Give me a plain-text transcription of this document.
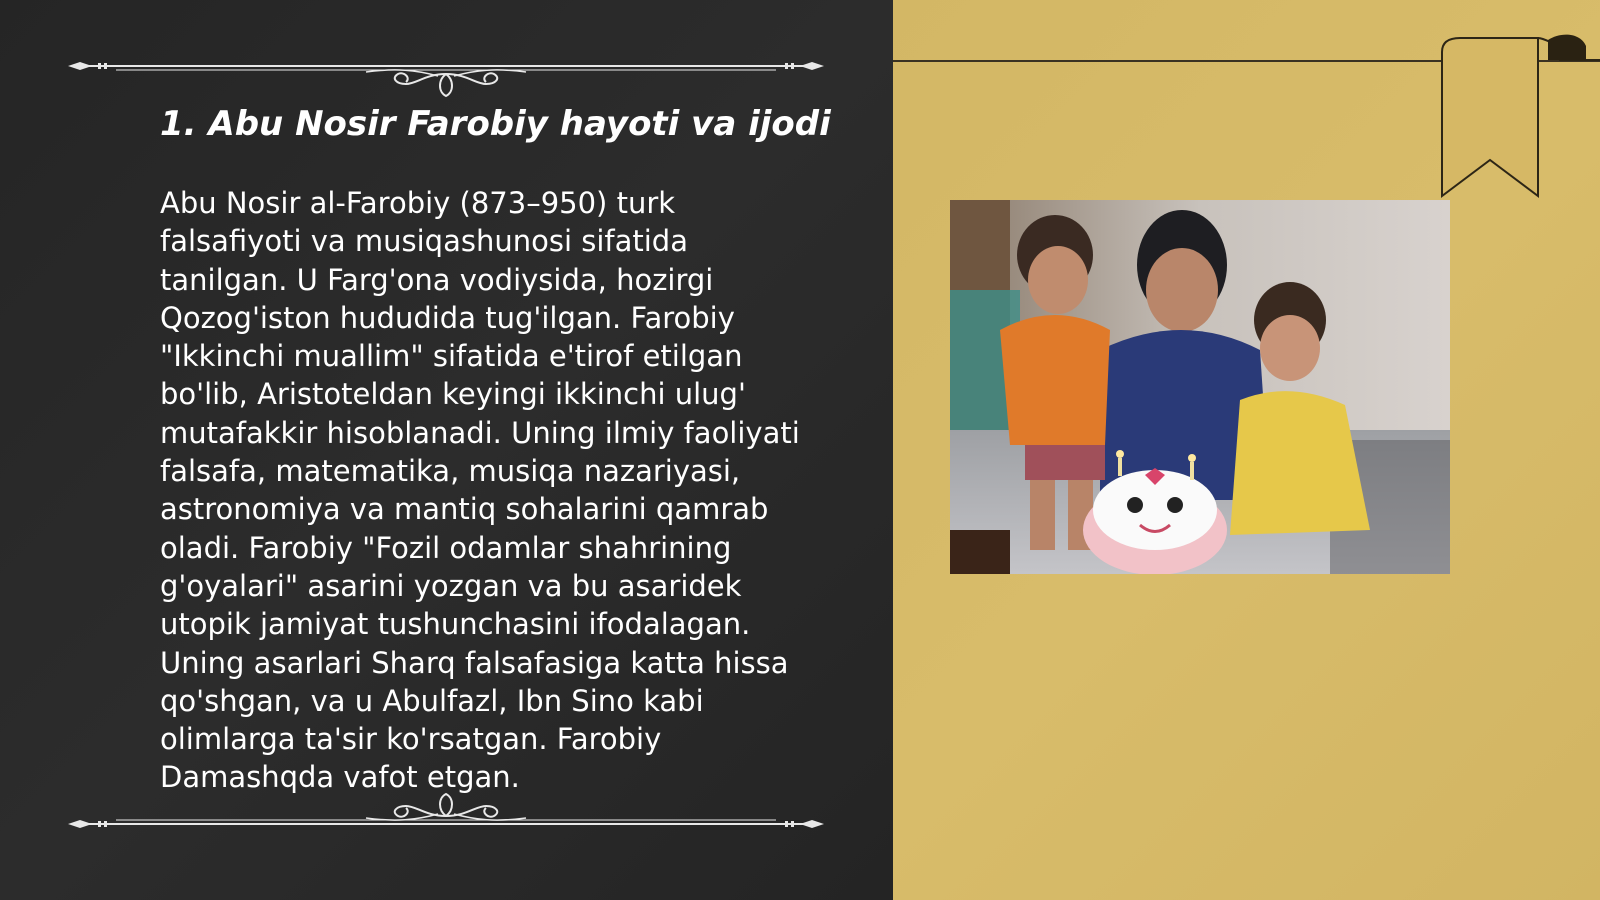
1. Abu Nosir Farobiy hayoti va ijodi
Abu Nosir al-Farobiy (873–950) turk
falsafiyoti va musiqashunosi sifatida
tanilgan. U Farg'ona vodiysida, hozirgi
Qozog'iston hududida tug'ilgan. Farobiy
"Ikkinchi muallim" sifatida e'tirof etilgan
bo'lib, Aristoteldan keyingi ikkinchi ulug'
mutafakkir hisoblanadi. Uning ilmiy faoliyati
falsafa, matematika, musiqa nazariyasi,
astronomiya va mantiq sohalarini qamrab
oladi. Farobiy "Fozil odamlar shahrining
g'oyalari" asarini yozgan va bu asaridek
utopik jamiyat tushunchasini ifodalagan.
Uning asarlari Sharq falsafasiga katta hissa
qo'shgan, va u Abulfazl, Ibn Sino kabi
olimlarga ta'sir ko'rsatgan. Farobiy
Damashqda vafot etgan.
